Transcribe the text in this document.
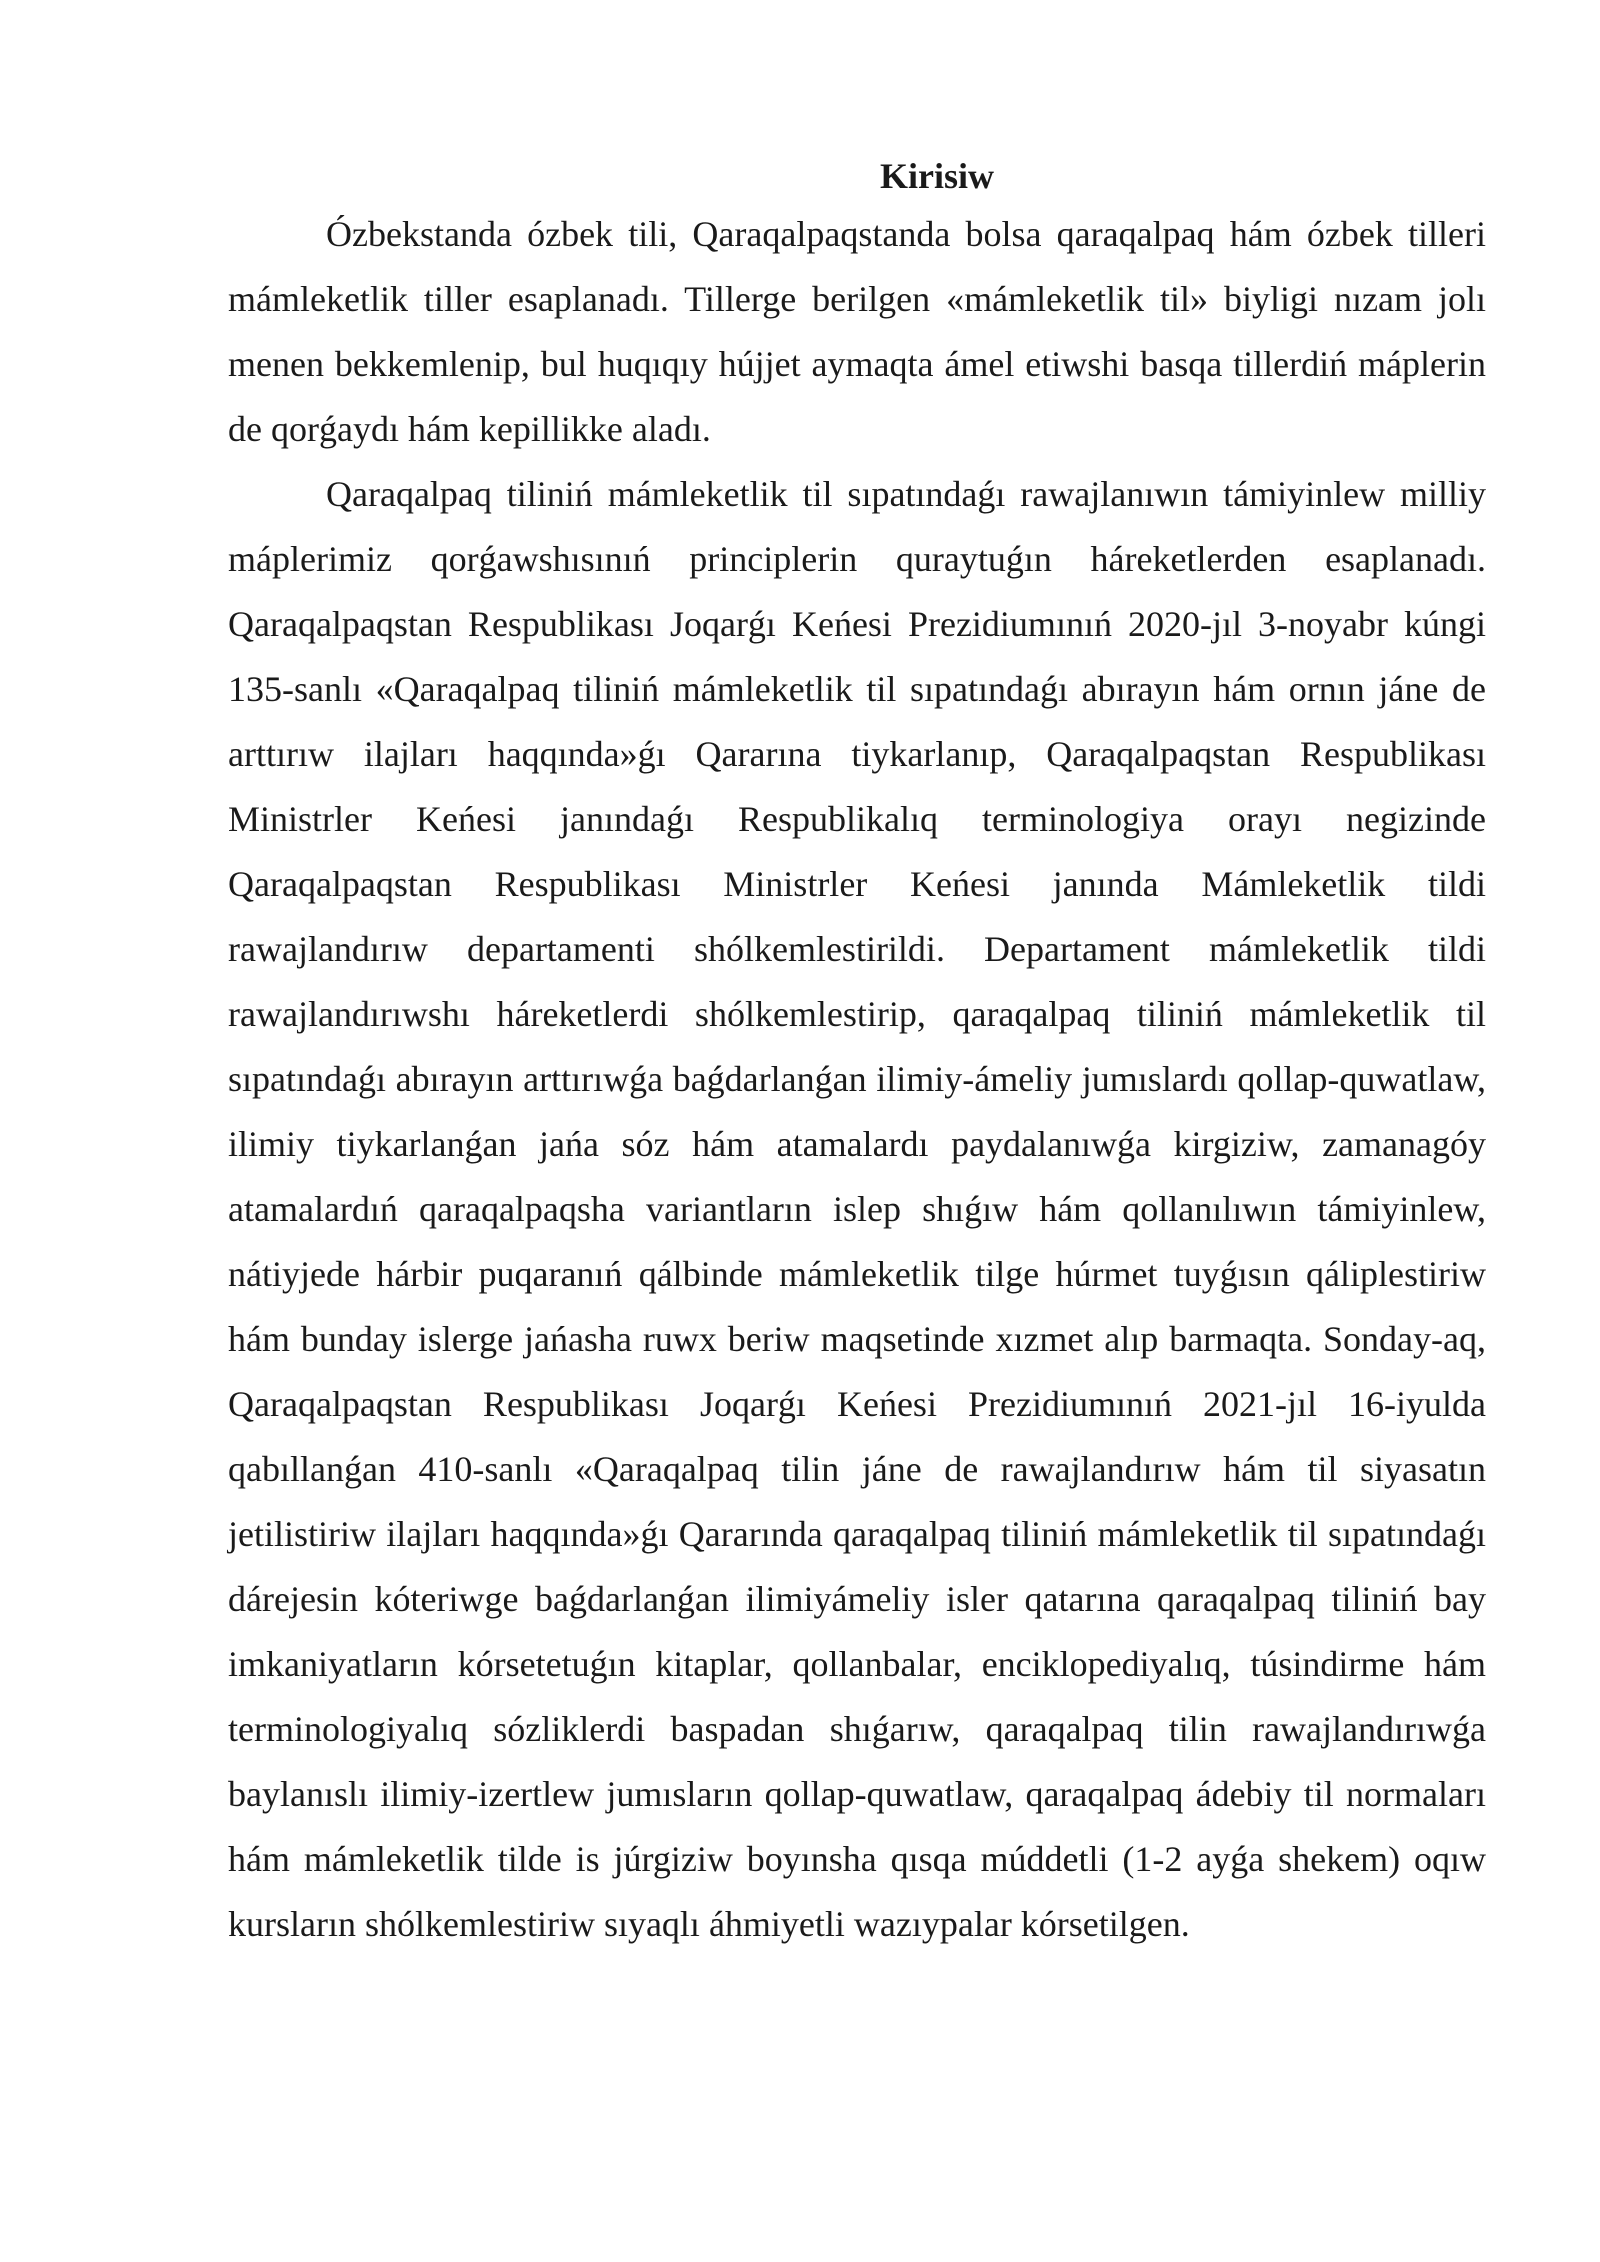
Kirisiw

Ózbekstanda ózbek tili, Qaraqalpaqstanda bolsa qaraqalpaq hám ózbek tilleri mámleketlik tiller esaplanadı. Tillerge berilgen «mámleketlik til» biyligi nızam jolı menen bekkemlenip, bul huqıqıy hújjet aymaqta ámel etiwshi basqa tillerdiń máplerin de qorǵaydı hám kepillikke aladı.

Qaraqalpaq tiliniń mámleketlik til sıpatındaǵı rawajlanıwın támiyinlew milliy máplerimiz qorǵawshısınıń principlerin quraytuǵın háreketlerden esaplanadı. Qaraqalpaqstan Respublikası Joqarǵı Keńesi Prezidiumınıń 2020-jıl 3-noyabr kúngi 135-sanlı «Qaraqalpaq tiliniń mámleketlik til sıpatındaǵı abırayın hám ornın jáne de arttırıw ilajları haqqında»ǵı Qararına tiykarlanıp, Qaraqalpaqstan Respublikası Ministrler Keńesi janındaǵı Respublikalıq terminologiya orayı negizinde Qaraqalpaqstan Respublikası Ministrler Keńesi janında Mámleketlik tildi rawajlandırıw departamenti shólkemlestirildi. Departament mámleketlik tildi rawajlandırıwshı háreketlerdi shólkemlestirip, qaraqalpaq tiliniń mámleketlik til sıpatındaǵı abırayın arttırıwǵa baǵdarlanǵan ilimiy-ámeliy jumıslardı qollap-quwatlaw, ilimiy tiykarlanǵan jańa sóz hám atamalardı paydalanıwǵa kirgiziw, zamanagóy atamalardıń qaraqalpaqsha variantların islep shıǵıw hám qollanılıwın támiyinlew, nátiyjede hárbir puqaranıń qálbinde mámleketlik tilge húrmet tuyǵısın qáliplestiriw hám bunday islerge jańasha ruwx beriw maqsetinde xızmet alıp barmaqta. Sonday-aq, Qaraqalpaqstan Respublikası Joqarǵı Keńesi Prezidiumınıń 2021-jıl 16-iyulda qabıllanǵan 410-sanlı «Qaraqalpaq tilin jáne de rawajlandırıw hám til siyasatın jetilistiriw ilajları haqqında»ǵı Qararında qaraqalpaq tiliniń mámleketlik til sıpatındaǵı dárejesin kóteriwge baǵdarlanǵan ilimiyámeliy isler qatarına qaraqalpaq tiliniń bay imkaniyatların kórsetetuǵın kitaplar, qollanbalar, enciklopediyalıq, túsindirme hám terminologiyalıq sózliklerdi baspadan shıǵarıw, qaraqalpaq tilin rawajlandırıwǵa baylanıslı ilimiy-izertlew jumısların qollap-quwatlaw, qaraqalpaq ádebiy til normaları hám mámleketlik tilde is júrgiziw boyınsha qısqa múddetli (1-2 ayǵa shekem) oqıw kursların shólkemlestiriw sıyaqlı áhmiyetli wazıypalar kórsetilgen.
